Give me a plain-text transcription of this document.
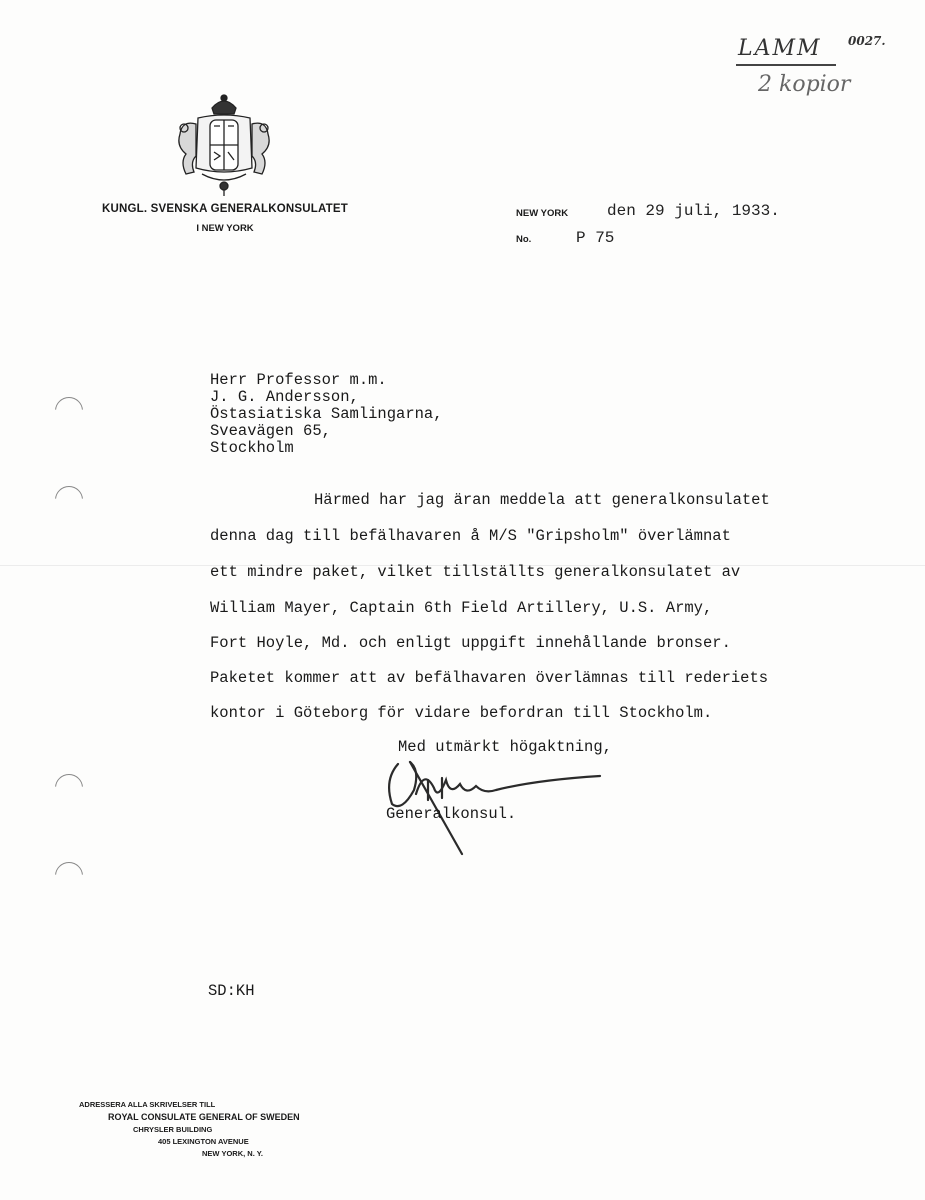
LAMM 0027.
2 kopior
KUNGL. SVENSKA GENERALKONSULATET
I NEW YORK
NEW YORK den 29 juli, 1933.
No.	P 75
Herr Professor m.m.
J. G. Andersson,
Östasiatiska Samlingarna,
Sveavägen 65,
Stockholm
Härmed har jag äran meddela att generalkonsulatet
denna dag till befälhavaren å M/S "Gripsholm" överlämnat
ett mindre paket, vilket tillställts generalkonsulatet av
William Mayer, Captain 6th Field Artillery, U.S. Army,
Fort Hoyle, Md. och enligt uppgift innehållande bronser.
Paketet kommer att av befälhavaren överlämnas till rederiets
kontor i Göteborg för vidare befordran till Stockholm.
Med utmärkt högaktning,
Generalkonsul.
SD:KH
ADRESSERA ALLA SKRIVELSER TILL
ROYAL CONSULATE GENERAL OF SWEDEN
CHRYSLER BUILDING
405 LEXINGTON AVENUE
NEW YORK, N. Y.
